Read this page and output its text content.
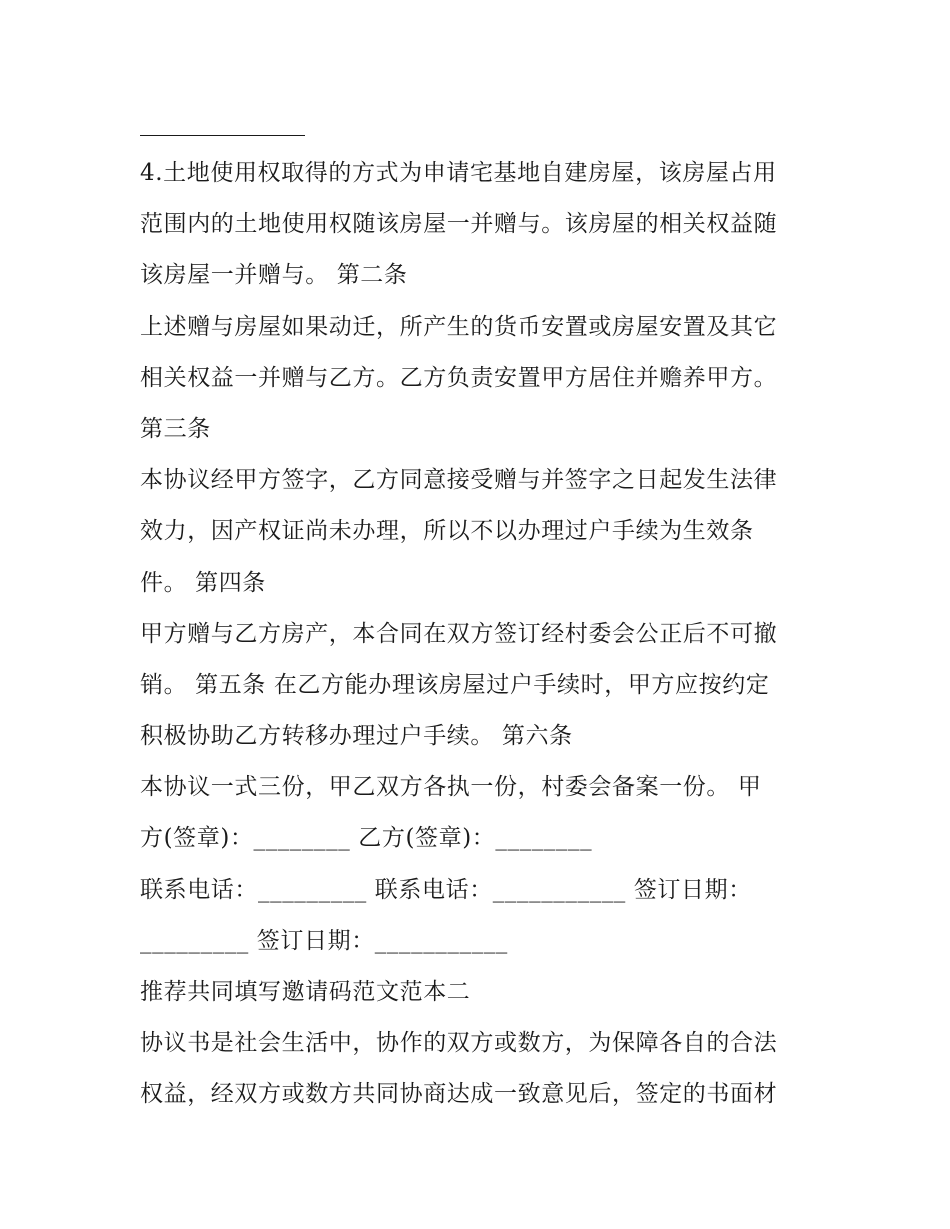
4.土地使用权取得的方式为申请宅基地自建房屋，该房屋占用
范围内的土地使用权随该房屋一并赠与。该房屋的相关权益随
该房屋一并赠与。 第二条
上述赠与房屋如果动迁，所产生的货币安置或房屋安置及其它
相关权益一并赠与乙方。乙方负责安置甲方居住并赡养甲方。
第三条
本协议经甲方签字，乙方同意接受赠与并签字之日起发生法律
效力，因产权证尚未办理，所以不以办理过户手续为生效条
件。 第四条
甲方赠与乙方房产，本合同在双方签订经村委会公正后不可撤
销。 第五条 在乙方能办理该房屋过户手续时，甲方应按约定
积极协助乙方转移办理过户手续。 第六条
本协议一式三份，甲乙双方各执一份，村委会备案一份。 甲
方(签章)：________ 乙方(签章)：________
联系电话：_________ 联系电话：___________ 签订日期：
_________ 签订日期：___________
推荐共同填写邀请码范文范本二
协议书是社会生活中，协作的双方或数方，为保障各自的合法
权益，经双方或数方共同协商达成一致意见后，签定的书面材
